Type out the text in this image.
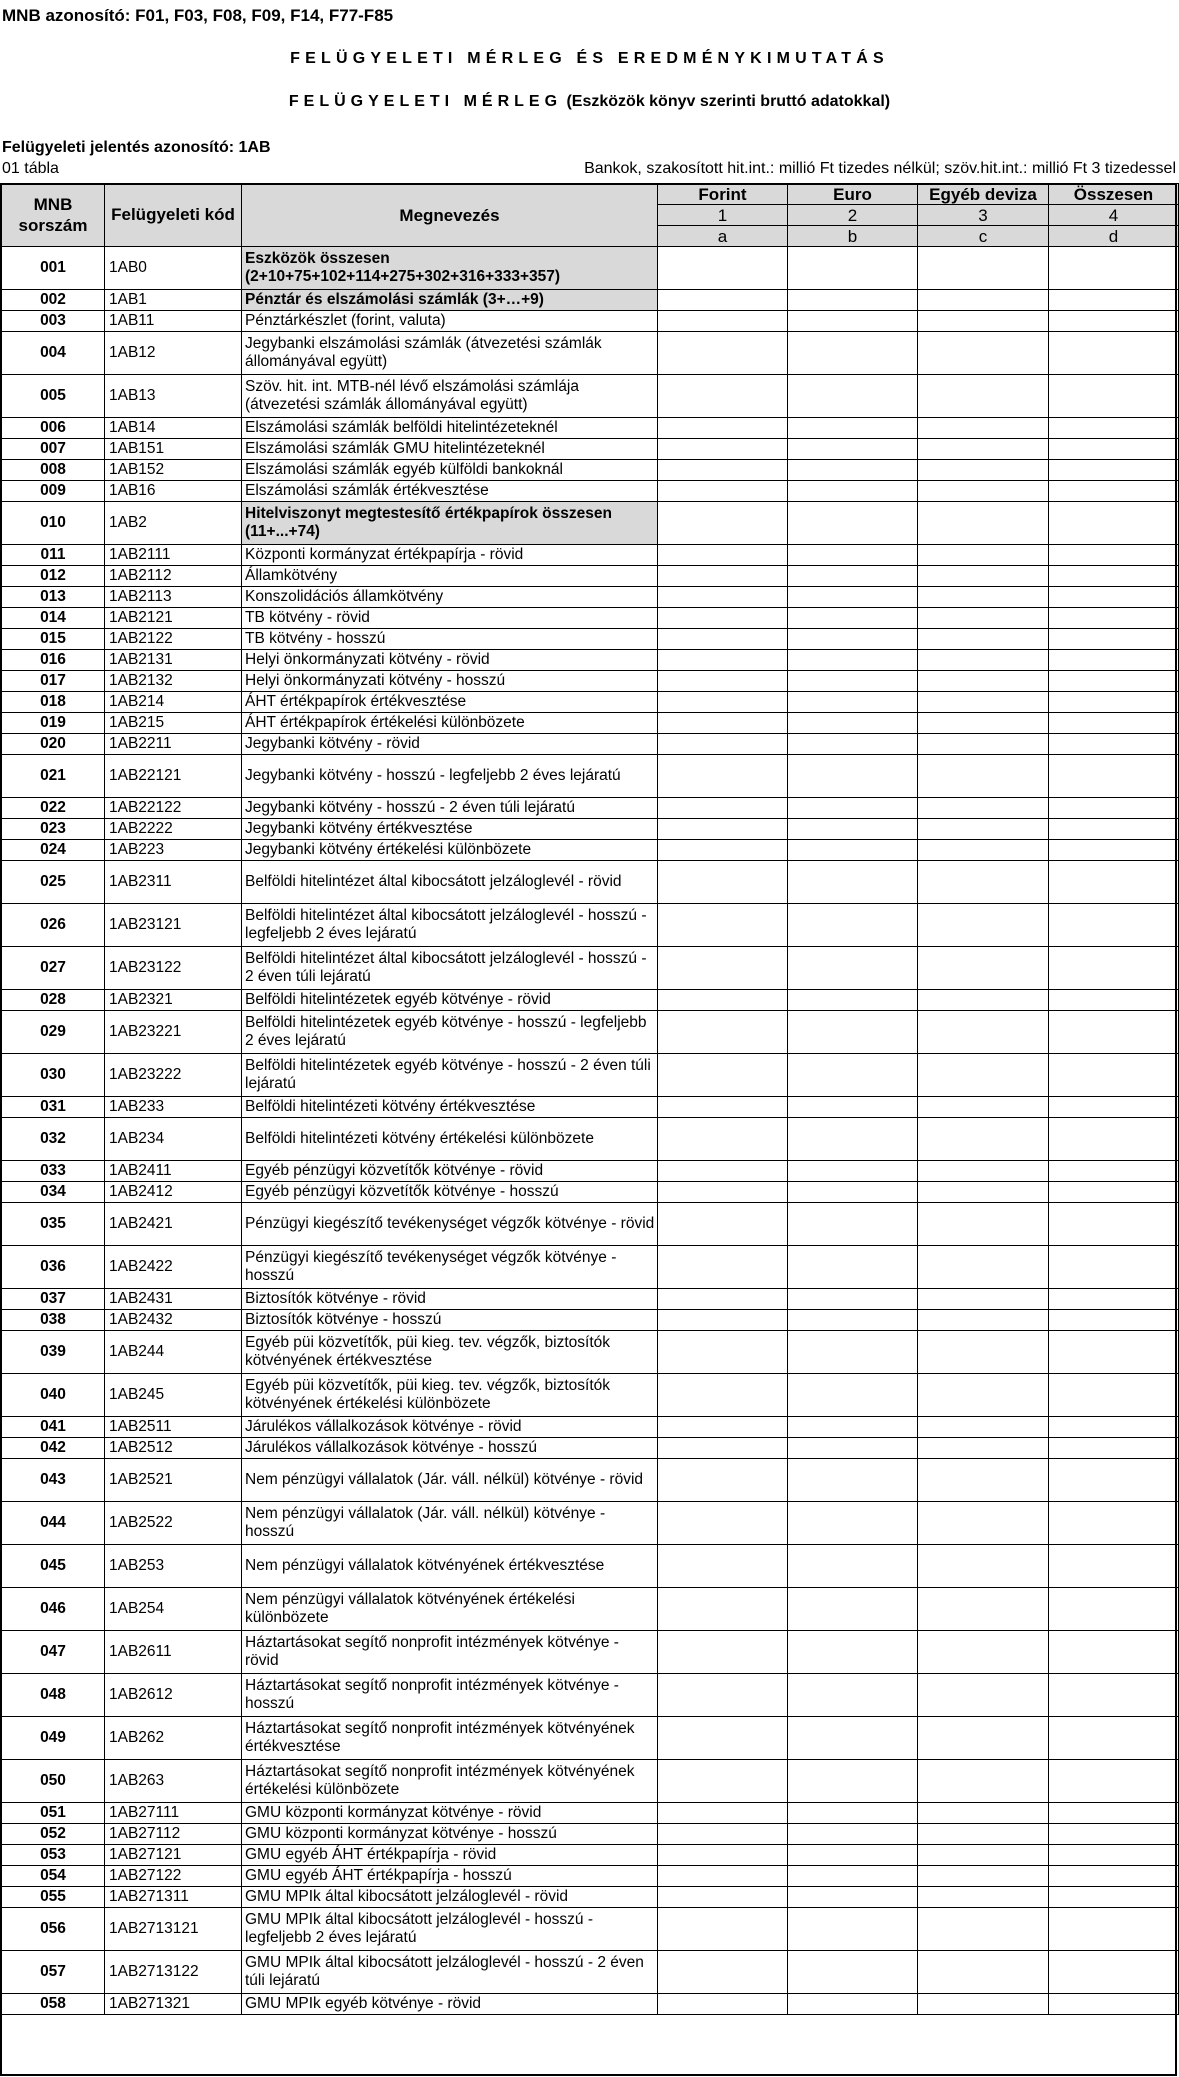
MNB azonosító: F01, F03, F08, F09, F14, F77-F85
FELÜGYELETI MÉRLEG ÉS EREDMÉNYKIMUTATÁS
FELÜGYELETI MÉRLEG (Eszközök könyv szerinti bruttó adatokkal)
Felügyeleti jelentés azonosító: 1AB
01 tábla	Bankok, szakosított hit.int.: millió Ft tizedes nélkül; szöv.hit.int.: millió Ft 3 tizedessel
MNB sorszám	Felügyeleti kód	Megnevezés	Forint	Euro	Egyéb deviza	Összesen
			1	2	3	4
			a	b	c	d
001	1AB0	Eszközök összesen (2+10+75+102+114+275+302+316+333+357)				
002	1AB1	Pénztár és elszámolási számlák (3+…+9)				
003	1AB11	Pénztárkészlet (forint, valuta)				
004	1AB12	Jegybanki elszámolási számlák (átvezetési számlák állományával együtt)				
005	1AB13	Szöv. hit. int. MTB-nél lévő elszámolási számlája (átvezetési számlák állományával együtt)				
006	1AB14	Elszámolási számlák belföldi hitelintézeteknél				
007	1AB151	Elszámolási számlák GMU hitelintézeteknél				
008	1AB152	Elszámolási számlák egyéb külföldi bankoknál				
009	1AB16	Elszámolási számlák értékvesztése				
010	1AB2	Hitelviszonyt megtestesítő értékpapírok összesen (11+...+74)				
011	1AB2111	Központi kormányzat értékpapírja - rövid				
012	1AB2112	Államkötvény				
013	1AB2113	Konszolidációs államkötvény				
014	1AB2121	TB kötvény - rövid				
015	1AB2122	TB kötvény - hosszú				
016	1AB2131	Helyi önkormányzati kötvény - rövid				
017	1AB2132	Helyi önkormányzati kötvény - hosszú				
018	1AB214	ÁHT értékpapírok értékvesztése				
019	1AB215	ÁHT értékpapírok értékelési különbözete				
020	1AB2211	Jegybanki kötvény - rövid				
021	1AB22121	Jegybanki kötvény - hosszú - legfeljebb 2 éves lejáratú				
022	1AB22122	Jegybanki kötvény - hosszú - 2 éven túli lejáratú				
023	1AB2222	Jegybanki kötvény értékvesztése				
024	1AB223	Jegybanki kötvény értékelési különbözete				
025	1AB2311	Belföldi hitelintézet által kibocsátott jelzáloglevél - rövid				
026	1AB23121	Belföldi hitelintézet által kibocsátott jelzáloglevél - hosszú - legfeljebb 2 éves lejáratú				
027	1AB23122	Belföldi hitelintézet által kibocsátott jelzáloglevél - hosszú - 2 éven túli lejáratú				
028	1AB2321	Belföldi hitelintézetek egyéb kötvénye - rövid				
029	1AB23221	Belföldi hitelintézetek egyéb kötvénye - hosszú - legfeljebb 2 éves lejáratú				
030	1AB23222	Belföldi hitelintézetek egyéb kötvénye - hosszú - 2 éven túli lejáratú				
031	1AB233	Belföldi hitelintézeti kötvény értékvesztése				
032	1AB234	Belföldi hitelintézeti kötvény értékelési különbözete				
033	1AB2411	Egyéb pénzügyi közvetítők kötvénye - rövid				
034	1AB2412	Egyéb pénzügyi közvetítők kötvénye - hosszú				
035	1AB2421	Pénzügyi kiegészítő tevékenységet végzők kötvénye - rövid				
036	1AB2422	Pénzügyi kiegészítő tevékenységet végzők kötvénye - hosszú				
037	1AB2431	Biztosítók kötvénye - rövid				
038	1AB2432	Biztosítók kötvénye - hosszú				
039	1AB244	Egyéb püi közvetítők, püi kieg. tev. végzők, biztosítók kötvényének értékvesztése				
040	1AB245	Egyéb püi közvetítők, püi kieg. tev. végzők, biztosítók kötvényének értékelési különbözete				
041	1AB2511	Járulékos vállalkozások kötvénye - rövid				
042	1AB2512	Járulékos vállalkozások kötvénye - hosszú				
043	1AB2521	Nem pénzügyi vállalatok (Jár. váll. nélkül) kötvénye - rövid				
044	1AB2522	Nem pénzügyi vállalatok (Jár. váll. nélkül) kötvénye - hosszú				
045	1AB253	Nem pénzügyi vállalatok kötvényének értékvesztése				
046	1AB254	Nem pénzügyi vállalatok kötvényének értékelési különbözete				
047	1AB2611	Háztartásokat segítő nonprofit intézmények kötvénye - rövid				
048	1AB2612	Háztartásokat segítő nonprofit intézmények kötvénye - hosszú				
049	1AB262	Háztartásokat segítő nonprofit intézmények kötvényének értékvesztése				
050	1AB263	Háztartásokat segítő nonprofit intézmények kötvényének értékelési különbözete				
051	1AB27111	GMU központi kormányzat kötvénye - rövid				
052	1AB27112	GMU központi kormányzat kötvénye - hosszú				
053	1AB27121	GMU egyéb ÁHT értékpapírja - rövid				
054	1AB27122	GMU egyéb ÁHT értékpapírja - hosszú				
055	1AB271311	GMU MPIk által kibocsátott jelzáloglevél - rövid				
056	1AB2713121	GMU MPIk által kibocsátott jelzáloglevél - hosszú - legfeljebb 2 éves lejáratú				
057	1AB2713122	GMU MPIk által kibocsátott jelzáloglevél - hosszú - 2 éven túli lejáratú				
058	1AB271321	GMU MPIk egyéb kötvénye - rövid				
